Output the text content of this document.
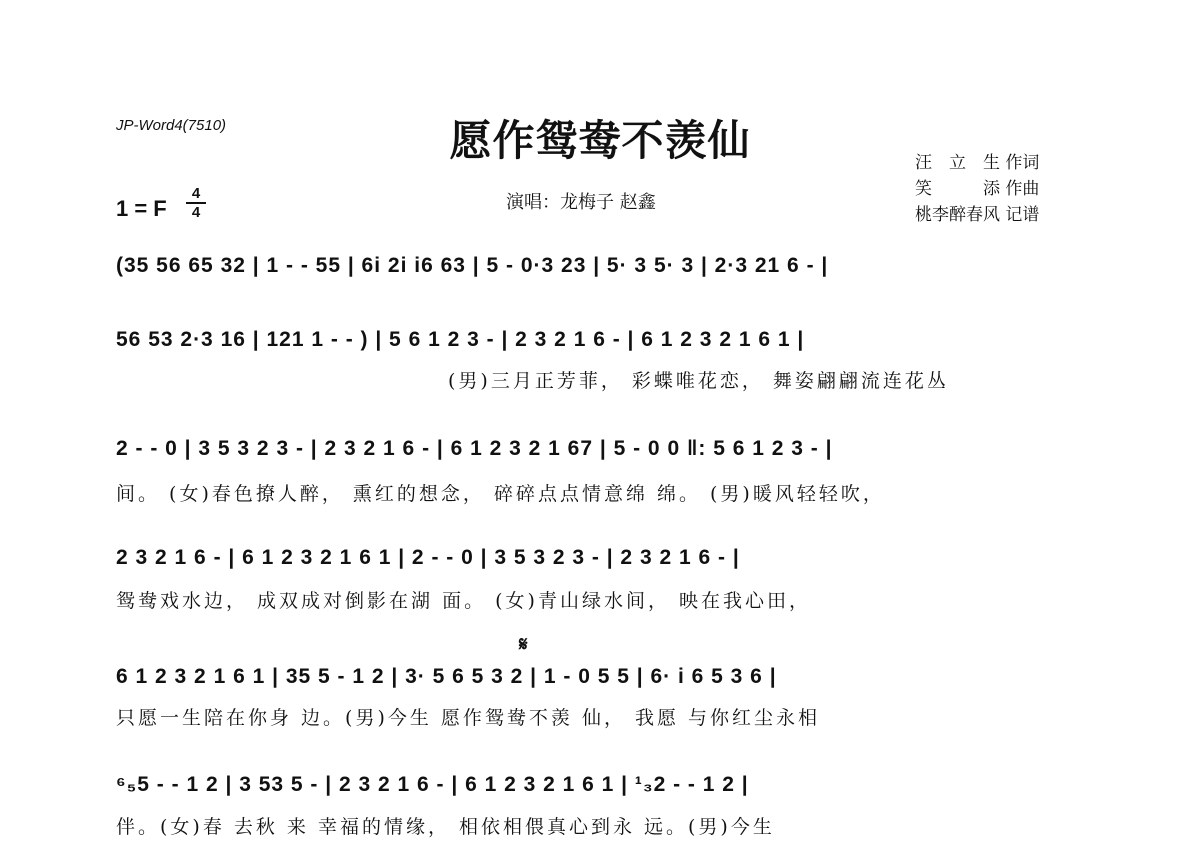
JP-Word4(7510)	愿作鸳鸯不羡仙
1 = F
4
4	演唱：龙梅子 赵鑫
汪　立　生 作词
笑　　　添 作曲
桃李醉春风 记谱
(35 56 65 32 | 1 - - 55 | 6i 2i i6 63 | 5 - 0·3 23 | 5· 3 5· 3 | 2·3 21 6 - |
56 53 2·3 16 | 121 1 - - ) | 5 6 1 2 3 - | 2 3 2 1 6 - | 6 1 2 3 2 1 6 1 |
(男)三月正芳菲， 彩蝶唯花恋， 舞姿翩翩流连花丛
2 - - 0 | 3 5 3 2 3 - | 2 3 2 1 6 - | 6 1 2 3 2 1 67 | 5 - 0 0 ‖: 5 6 1 2 3 - |
间。 (女)春色撩人醉， 熏红的想念， 碎碎点点情意绵 绵。 (男)暖风轻轻吹，
2 3 2 1 6 - | 6 1 2 3 2 1 6 1 | 2 - - 0 | 3 5 3 2 3 - | 2 3 2 1 6 - |
鸳鸯戏水边， 成双成对倒影在湖 面。 (女)青山绿水间， 映在我心田，
𝄋
6 1 2 3 2 1 6 1 | 35 5 - 1 2 | 3· 5 6 5 3 2 | 1 - 0 5 5 | 6· i 6 5 3 6 |
只愿一生陪在你身 边。(男)今生 愿作鸳鸯不羡 仙， 我愿 与你红尘永相
⁶₅5 - - 1 2 | 3 53 5 - | 2 3 2 1 6 - | 6 1 2 3 2 1 6 1 | ¹₃2 - - 1 2 |
伴。(女)春 去秋 来 幸福的情缘， 相依相偎真心到永 远。(男)今生
